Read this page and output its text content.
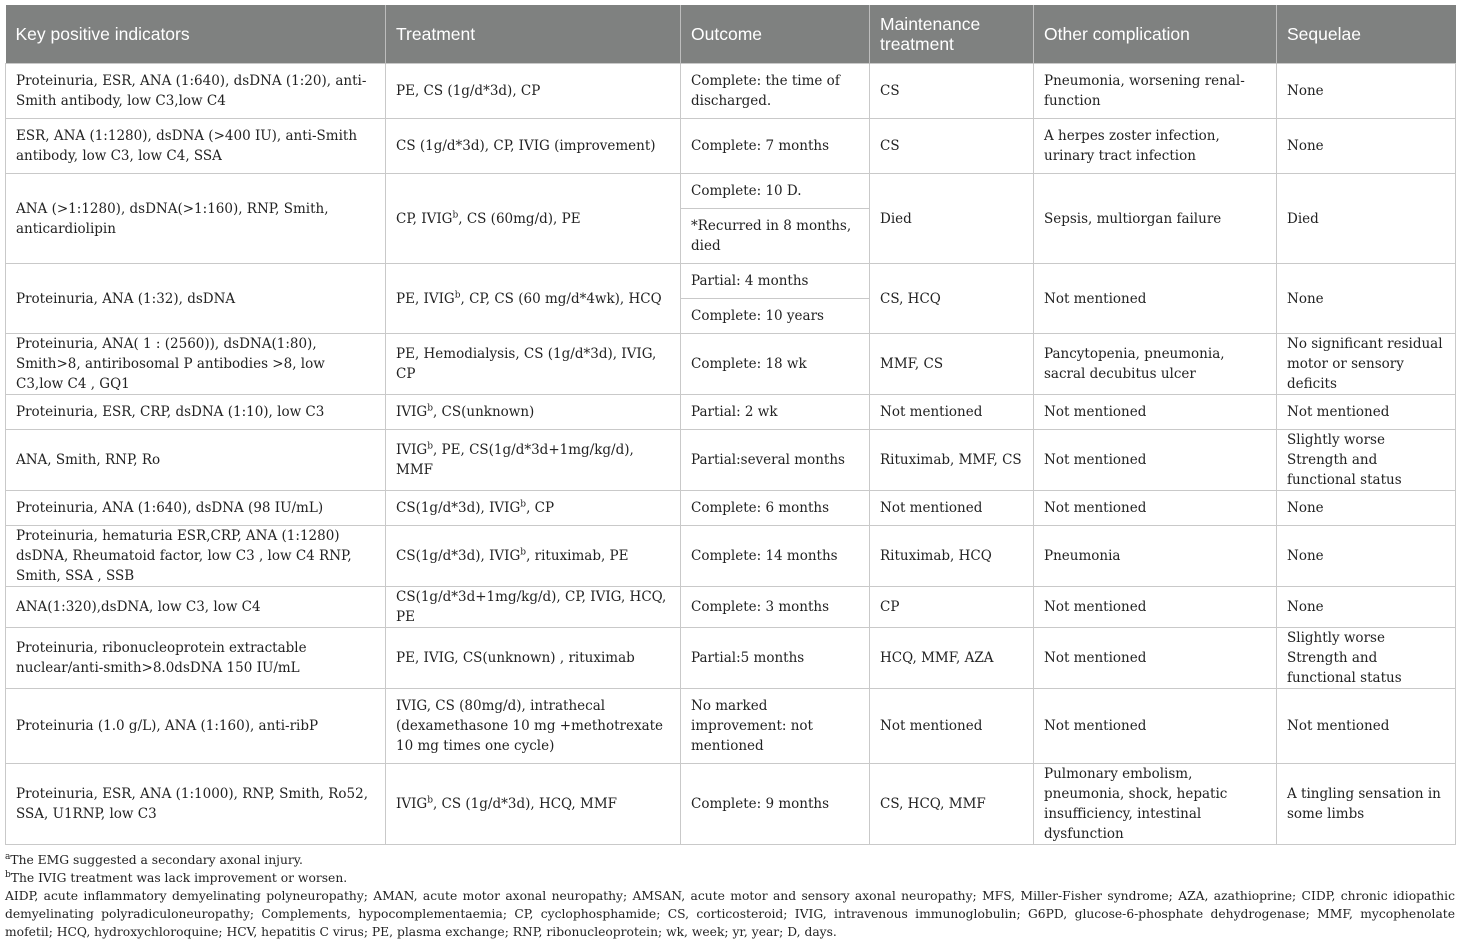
Key positive indicators	Treatment	Outcome	Maintenance treatment	Other complication	Sequelae
Proteinuria, ESR, ANA (1:640), dsDNA (1:20), anti-Smith antibody, low C3,low C4	PE, CS (1g/d*3d), CP	Complete: the time of discharged.	CS	Pneumonia, worsening renal-function	None
ESR, ANA (1:1280), dsDNA (>400 IU), anti-Smith antibody, low C3, low C4, SSA	CS (1g/d*3d), CP, IVIG (improvement)	Complete: 7 months	CS	A herpes zoster infection, urinary tract infection	None
ANA (>1:1280), dsDNA(>1:160), RNP, Smith, anticardiolipin	CP, IVIG$^b$, CS (60mg/d), PE	Complete: 10 D.	Died	Sepsis, multiorgan failure	Died
		*Recurred in 8 months, died			
Proteinuria, ANA (1:32), dsDNA	PE, IVIG$^b$, CP, CS (60 mg/d*4wk), HCQ	Partial: 4 months	CS, HCQ	Not mentioned	None
		Complete: 10 years			
Proteinuria, ANA( 1 : (2560)), dsDNA(1:80), Smith>8, antiribosomal P antibodies >8, low C3,low C4 , GQ1	PE, Hemodialysis, CS (1g/d*3d), IVIG, CP	Complete: 18 wk	MMF, CS	Pancytopenia, pneumonia, sacral decubitus ulcer	No significant residual motor or sensory deficits
Proteinuria, ESR, CRP, dsDNA (1:10), low C3	IVIG$^b$, CS(unknown)	Partial: 2 wk	Not mentioned	Not mentioned	Not mentioned
ANA, Smith, RNP, Ro	IVIG$^b$, PE, CS(1g/d*3d+1mg/kg/d), MMF	Partial:several months	Rituximab, MMF, CS	Not mentioned	Slightly worse Strength and functional status
Proteinuria, ANA (1:640), dsDNA (98 IU/mL)	CS(1g/d*3d), IVIG$^b$, CP	Complete: 6 months	Not mentioned	Not mentioned	None
Proteinuria, hematuria ESR,CRP, ANA (1:1280) dsDNA, Rheumatoid factor, low C3 , low C4 RNP, Smith, SSA , SSB	CS(1g/d*3d), IVIG$^b$, rituximab, PE	Complete: 14 months	Rituximab, HCQ	Pneumonia	None
ANA(1:320),dsDNA, low C3, low C4	CS(1g/d*3d+1mg/kg/d), CP, IVIG, HCQ, PE	Complete: 3 months	CP	Not mentioned	None
Proteinuria, ribonucleoprotein extractable nuclear/anti-smith>8.0dsDNA 150 IU/mL	PE, IVIG, CS(unknown) , rituximab	Partial:5 months	HCQ, MMF, AZA	Not mentioned	Slightly worse Strength and functional status
Proteinuria (1.0 g/L), ANA (1:160), anti-ribP	IVIG, CS (80mg/d), intrathecal (dexamethasone 10 mg +methotrexate 10 mg times one cycle)	No marked improvement: not mentioned	Not mentioned	Not mentioned	Not mentioned
Proteinuria, ESR, ANA (1:1000), RNP, Smith, Ro52, SSA, U1RNP, low C3	IVIG$^b$, CS (1g/d*3d), HCQ, MMF	Complete: 9 months	CS, HCQ, MMF	Pulmonary embolism, pneumonia, shock, hepatic insufficiency, intestinal dysfunction	A tingling sensation in some limbs

$^a$The EMG suggested a secondary axonal injury.

$^b$The IVIG treatment was lack improvement or worsen.

AIDP, acute inflammatory demyelinating polyneuropathy; AMAN, acute motor axonal neuropathy; AMSAN, acute motor and sensory axonal neuropathy; MFS, Miller-Fisher syndrome; AZA, azathioprine; CIDP, chronic idiopathic demyelinating polyradiculoneuropathy; Complements, hypocomplementaemia; CP, cyclophosphamide; CS, corticosteroid; IVIG, intravenous immunoglobulin; G6PD, glucose-6-phosphate dehydrogenase; MMF, mycophenolate mofetil; HCQ, hydroxychloroquine; HCV, hepatitis C virus; PE, plasma exchange; RNP, ribonucleoprotein; wk, week; yr, year; D, days.
